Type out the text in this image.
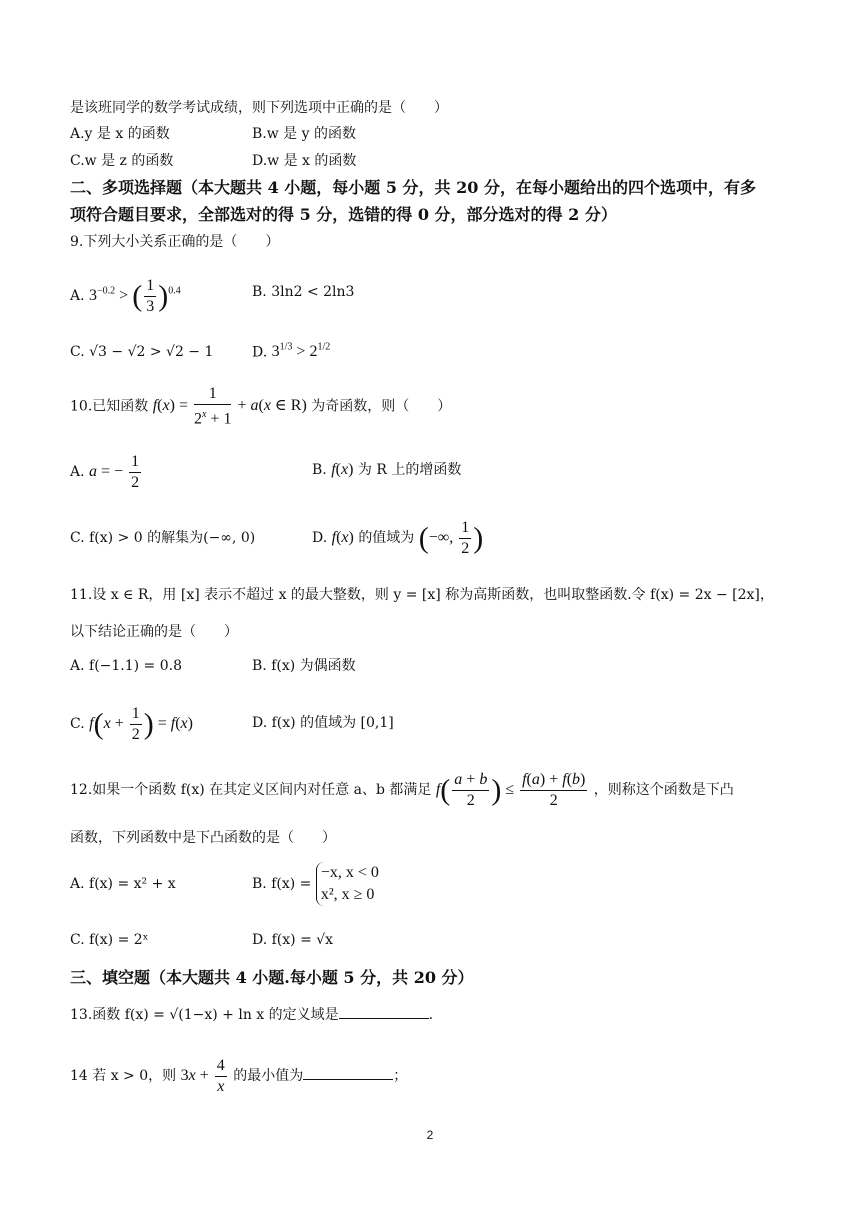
是该班同学的数学考试成绩，则下列选项中正确的是（　　）
A.y 是 x 的函数	B.w 是 y 的函数
C.w 是 z 的函数	D.w 是 x 的函数
二、多项选择题（本大题共 4 小题，每小题 5 分，共 20 分，在每小题给出的四个选项中，有多
项符合题目要求，全部选对的得 5 分，选错的得 0 分，部分选对的得 2 分）
9.下列大小关系正确的是（　　）
A. $3^{-0.2}$ > ( $\frac{1}{3} )^{0.4}$	B. 3ln2 < 2ln3
C. √3 − √2 > √2 − 1	D. $3^{1/3} > 2^{1/2}$
10.已知函数 $f(x) = \frac{1}{2^x + 1} + a(x$ ∈ R) 为奇函数，则（　　）
A. a = − $\frac{1}{2}$	B. f(x) 为 R 上的增函数
C. f(x) > 0 的解集为(−∞, 0)	D. f(x) 的值域为 (−∞, $\frac{1}{2}$ )
11.设 x ∈ R，用 [x] 表示不超过 x 的最大整数，则 y = [x] 称为高斯函数，也叫取整函数.令 f(x) = 2x − [2x]，
以下结论正确的是（　　）
A. f(−1.1) = 0.8	B. f(x) 为偶函数
C. $f(x + \frac{1}{2}$ ) = f(x)	D. f(x) 的值域为 [0,1]
12.如果一个函数 f(x) 在其定义区间内对任意 a、b 都满足 $f( \frac{a + b}{2}$ ) ≤ $\frac{f(a) + f(b)}{2}$ ，则称这个函数是下凸
函数，下列函数中是下凸函数的是（　　）
A. f(x) = x² + x	B. f(x) =
−x, x < 0
x², x ≥ 0
C. f(x) = 2ˣ	D. f(x) = √x
三、填空题（本大题共 4 小题.每小题 5 分，共 20 分）
13.函数 f(x) = √(1−x) + ln x 的定义域是	.
14 若 x > 0，则 $3x + \frac{4}{x}$ 的最小值为	；
2
